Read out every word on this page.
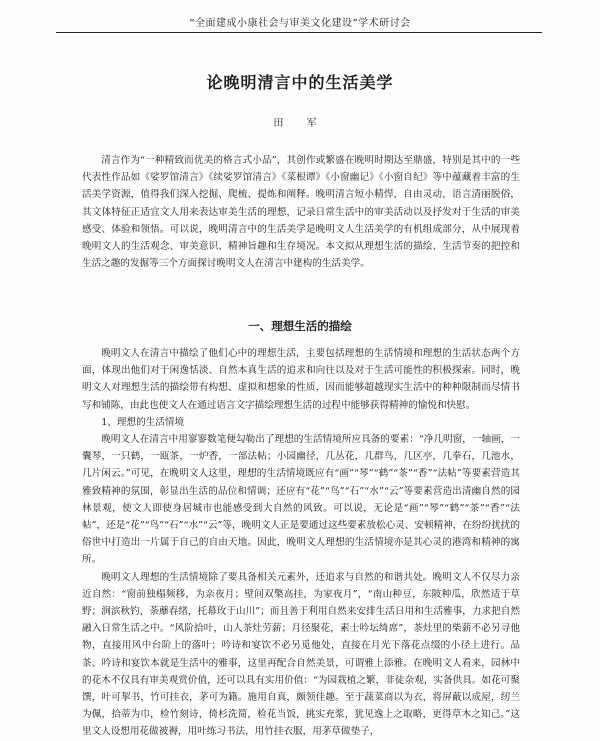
“全面建成小康社会与审美文化建设”学术研讨会
论晚明清言中的生活美学
田 军

清言作为“一种精致而优美的格言式小品”，其创作或繁盛在晚明时期达至鼎盛，特别是其中的一些代表性作品如《娑罗馆清言》《续娑罗馆清言》《菜根谭》《小窗幽记》《小窗自纪》等中蕴藏着丰富的生活美学资源，值得我们深入挖掘、爬梳、提炼和阐释。晚明清言短小精悍，自由灵动，语言清丽脱俗，其文体特征正适宜文人用来表达审美生活的理想，记录日常生活中的审美活动以及抒发对于生活的审美感受、体验和领悟。可以说，晚明清言中的生活美学是晚明文人生活美学的有机组成部分，从中展现着晚明文人的生活观念、审美意识、精神旨趣和生存境况。本文拟从理想生活的描绘、生活节奏的把控和生活之趣的发掘等三个方面探讨晚明文人在清言中建构的生活美学。

一、理想生活的描绘

晚明文人在清言中描绘了他们心中的理想生活，主要包括理想的生活情境和理想的生活状态两个方面，体现出他们对于闲逸恬淡、自然本真生活的追求和向往以及对于生活可能性的积极探索。同时，晚明文人对理想生活的描绘带有构想、虚拟和想象的性质，因而能够超越现实生活中的种种限制而尽情书写和铺陈，由此也使文人在通过语言文字描绘理想生活的过程中能够获得精神的愉悦和快慰。

1、理想的生活情境

晚明文人在清言中用寥寥数笔便勾勒出了理想的生活情境所应具备的要素：“净几明窗，一轴画，一囊琴，一只鹤，一瓯茶，一炉香，一部法帖；小园幽径，几丛花，几群鸟，几区亭，几拳石，几池水，几片闲云。”可见，在晚明文人这里，理想的生活情境既应有“画”“琴”“鹤”“茶”“香”“法帖”等要素营造其雅致精神的氛围，彰显出生活的品位和情调；还应有“花”“鸟”“石”“水”“云”等要素营造出清幽自然的园林景观，使文人即使身居城市也能感受到大自然的风致。可以说，无论是“画”“琴”“鹤”“茶”“香”“法帖”，还是“花”“鸟”“石”“水”“云”等，晚明文人正是要通过这些要素放松心灵、安顿精神，在纷纷扰扰的俗世中打造出一片属于自己的自由天地。因此，晚明文人理想的生活情境亦是其心灵的港湾和精神的寓所。

晚明文人理想的生活情境除了要具备相关元素外，还追求与自然的和谐共处。晚明文人不仅尽力亲近自然：“窗前独榻频移，为亲夜月；壁间双檠高挂，为家夜月”，“南山种豆，东陂种瓜，欣然适于草野；涧滨秋钓，荼蘼春绪，托幕玫于山川”；而且善于利用自然来安排生活日用和生活雅事，力求把自然融入日常生活之中。“风阶拾叶，山人茶灶劳薪；月径聚花，素士吟坛绮席”，茶灶里的柴薪不必另寻他物，直接用风中台阶上的落叶；吟诗和宴饮不必另觅他处，直接在月光下落花点缀的小径上进行。品茶、吟诗和宴饮本就是生活中的雅事，这里再配合自然美景，可谓雅上添雅。在晚明文人看来，园林中的花木不仅具有审美观赏价值，还可以具有实用价值：“为园栽植之繁，非徒杂观，实备供具。如花可聚馔，叶可挈书，竹可挂衣，茅可为籍。施用自真，颇领佳趣。至于蔬菜商以为衣，将屏蔽以成屋，纫兰为佩，拾蒂为巾，检竹刻诗，倚杉洗简，检花当饭，挑实充浆，犹见逸上之取略，更得草木之知己。”这里文人设想用花做被褥，用叶练习书法，用竹挂衣服，用茅草做垫子，
